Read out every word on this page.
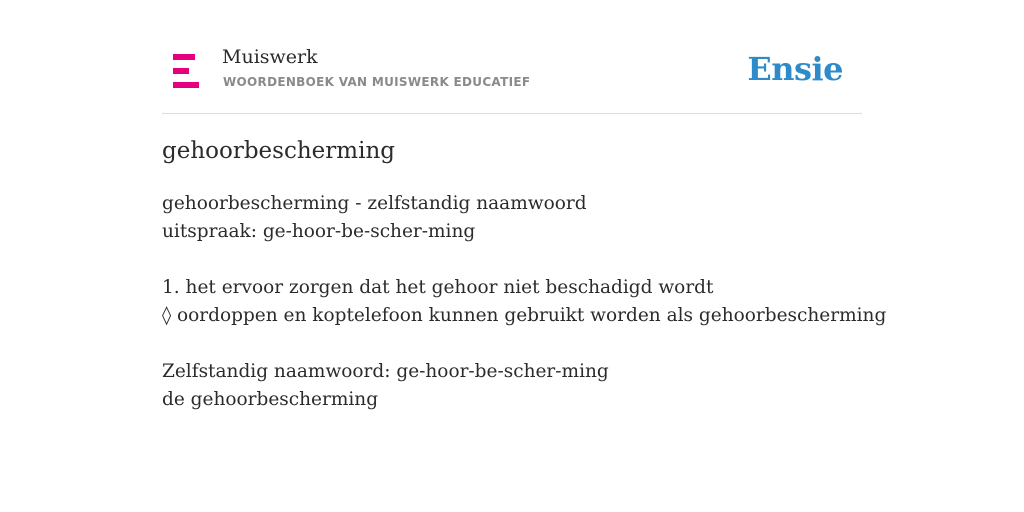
Muiswerk
WOORDENBOEK VAN MUISWERK EDUCATIEF	Ensie
gehoorbescherming
gehoorbescherming - zelfstandig naamwoord
uitspraak: ge-hoor-be-scher-ming
1. het ervoor zorgen dat het gehoor niet beschadigd wordt
◊ oordoppen en koptelefoon kunnen gebruikt worden als gehoorbescherming
Zelfstandig naamwoord: ge-hoor-be-scher-ming
de gehoorbescherming
